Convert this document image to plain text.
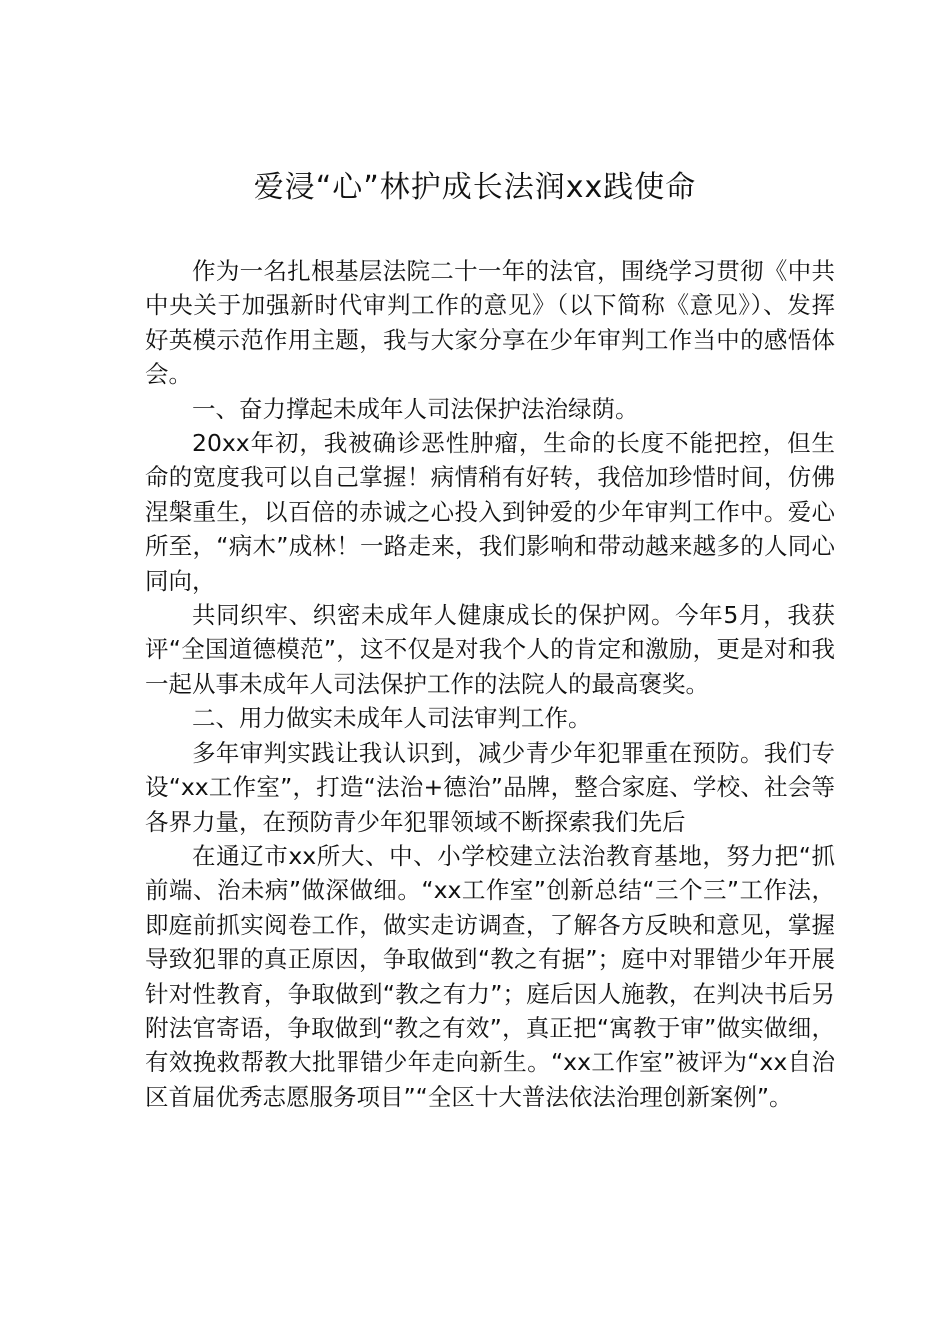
爱浸“心”林护成长法润xx践使命

作为一名扎根基层法院二十一年的法官，围绕学习贯彻《中共中央关于加强新时代审判工作的意见》（以下简称《意见》）、发挥好英模示范作用主题，我与大家分享在少年审判工作当中的感悟体会。

一、奋力撑起未成年人司法保护法治绿荫。

20xx年初，我被确诊恶性肿瘤，生命的长度不能把控，但生命的宽度我可以自己掌握！病情稍有好转，我倍加珍惜时间，仿佛涅槃重生，以百倍的赤诚之心投入到钟爱的少年审判工作中。爱心所至，“病木”成林！一路走来，我们影响和带动越来越多的人同心同向，

共同织牢、织密未成年人健康成长的保护网。今年5月，我获评“全国道德模范”，这不仅是对我个人的肯定和激励，更是对和我一起从事未成年人司法保护工作的法院人的最高褒奖。

二、用力做实未成年人司法审判工作。

多年审判实践让我认识到，减少青少年犯罪重在预防。我们专设“xx工作室”，打造“法治+德治”品牌，整合家庭、学校、社会等各界力量，在预防青少年犯罪领域不断探索我们先后

在通辽市xx所大、中、小学校建立法治教育基地，努力把“抓前端、治未病”做深做细。“xx工作室”创新总结“三个三”工作法，即庭前抓实阅卷工作，做实走访调查，了解各方反映和意见，掌握导致犯罪的真正原因，争取做到“教之有据”；庭中对罪错少年开展针对性教育，争取做到“教之有力”；庭后因人施教，在判决书后另附法官寄语，争取做到“教之有效”，真正把“寓教于审”做实做细，有效挽救帮教大批罪错少年走向新生。“xx工作室”被评为“xx自治区首届优秀志愿服务项目”“全区十大普法依法治理创新案例”。
